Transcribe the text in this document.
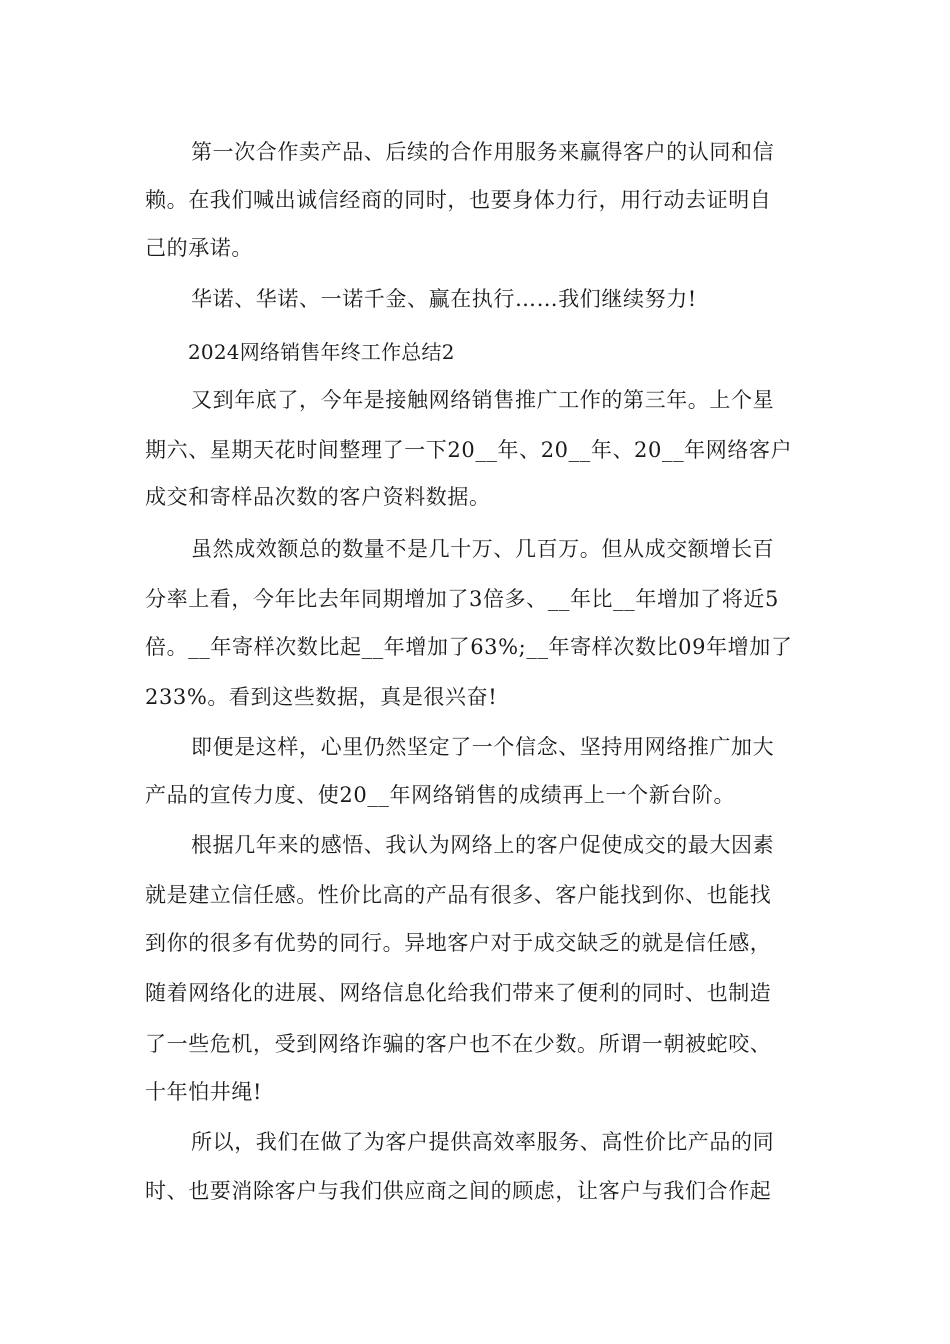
第一次合作卖产品、后续的合作用服务来赢得客户的认同和信
赖。在我们喊出诚信经商的同时，也要身体力行，用行动去证明自
己的承诺。
华诺、华诺、一诺千金、赢在执行……我们继续努力!
2024网络销售年终工作总结2
又到年底了，今年是接触网络销售推广工作的第三年。上个星
期六、星期天花时间整理了一下20__年、20__年、20__年网络客户
成交和寄样品次数的客户资料数据。
虽然成效额总的数量不是几十万、几百万。但从成交额增长百
分率上看，今年比去年同期增加了3倍多、__年比__年增加了将近5
倍。__年寄样次数比起__年增加了63%;__年寄样次数比09年增加了
233%。看到这些数据，真是很兴奋!
即便是这样，心里仍然坚定了一个信念、坚持用网络推广加大
产品的宣传力度、使20__年网络销售的成绩再上一个新台阶。
根据几年来的感悟、我认为网络上的客户促使成交的最大因素
就是建立信任感。性价比高的产品有很多、客户能找到你、也能找
到你的很多有优势的同行。异地客户对于成交缺乏的就是信任感，
随着网络化的进展、网络信息化给我们带来了便利的同时、也制造
了一些危机，受到网络诈骗的客户也不在少数。所谓一朝被蛇咬、
十年怕井绳!
所以，我们在做了为客户提供高效率服务、高性价比产品的同
时、也要消除客户与我们供应商之间的顾虑，让客户与我们合作起
